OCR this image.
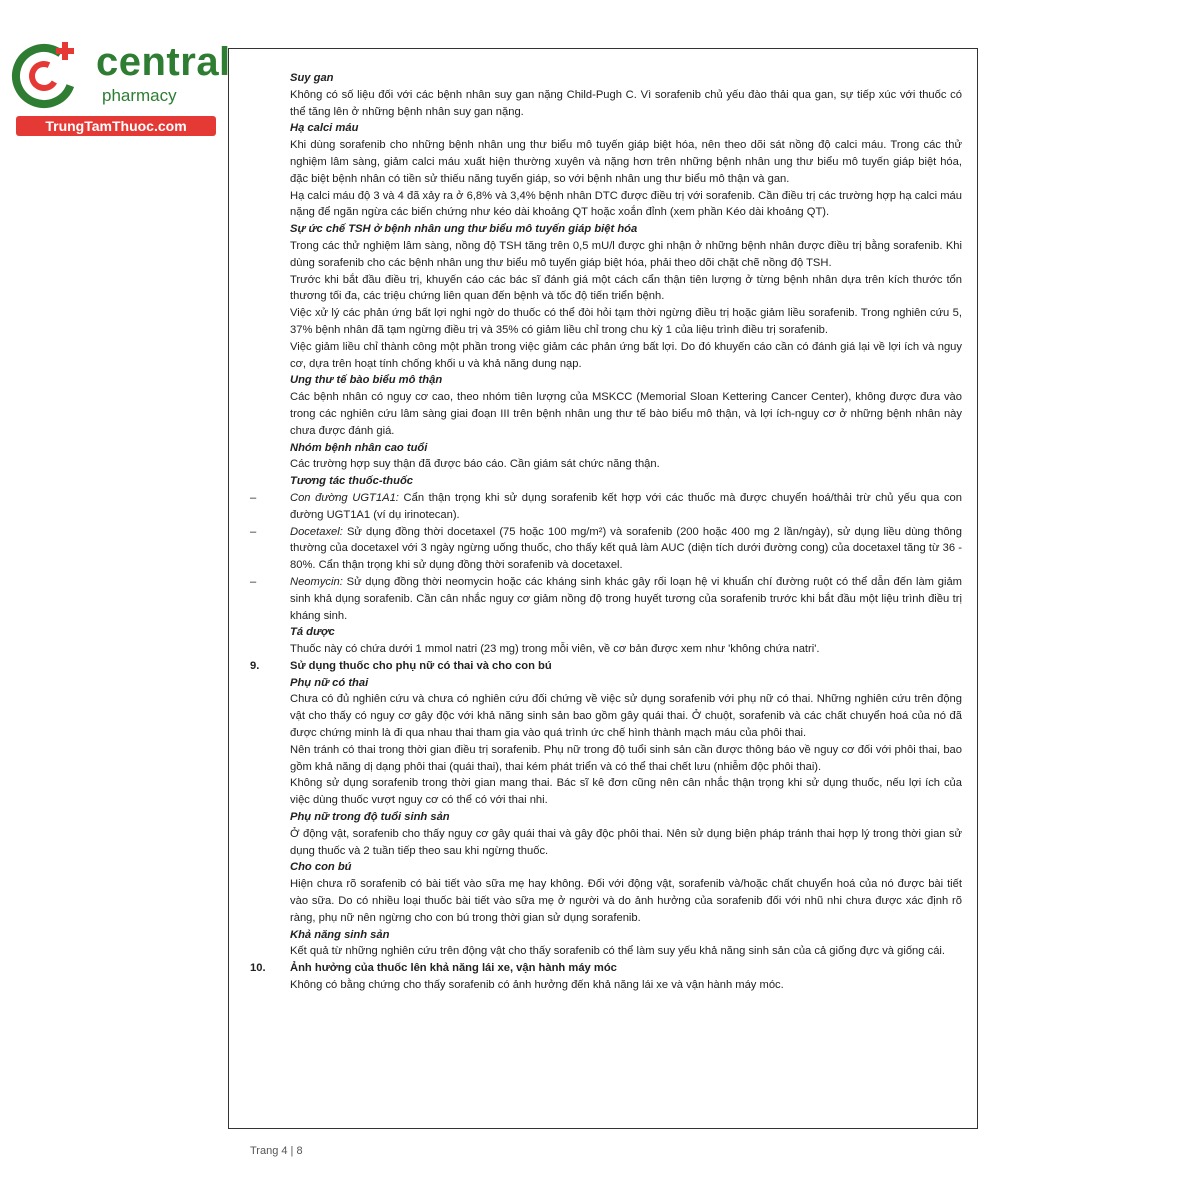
central
pharmacy
TrungTamThuoc.com

Suy gan

Không có số liệu đối với các bệnh nhân suy gan nặng Child-Pugh C. Vì sorafenib chủ yếu đào thải qua gan, sự tiếp xúc với thuốc có thể tăng lên ở những bệnh nhân suy gan nặng.

Hạ calci máu

Khi dùng sorafenib cho những bệnh nhân ung thư biểu mô tuyến giáp biệt hóa, nên theo dõi sát nồng độ calci máu. Trong các thử nghiệm lâm sàng, giảm calci máu xuất hiện thường xuyên và nặng hơn trên những bệnh nhân ung thư biểu mô tuyến giáp biệt hóa, đặc biệt bệnh nhân có tiền sử thiếu năng tuyến giáp, so với bệnh nhân ung thư biểu mô thận và gan.

Hạ calci máu độ 3 và 4 đã xảy ra ở 6,8% và 3,4% bệnh nhân DTC được điều trị với sorafenib. Cần điều trị các trường hợp hạ calci máu nặng để ngăn ngừa các biến chứng như kéo dài khoảng QT hoặc xoắn đỉnh (xem phần Kéo dài khoảng QT).

Sự ức chế TSH ở bệnh nhân ung thư biểu mô tuyến giáp biệt hóa

Trong các thử nghiệm lâm sàng, nồng độ TSH tăng trên 0,5 mU/l được ghi nhận ở những bệnh nhân được điều trị bằng sorafenib. Khi dùng sorafenib cho các bệnh nhân ung thư biểu mô tuyến giáp biệt hóa, phải theo dõi chặt chẽ nồng độ TSH.

Trước khi bắt đầu điều trị, khuyến cáo các bác sĩ đánh giá một cách cẩn thận tiên lượng ở từng bệnh nhân dựa trên kích thước tổn thương tối đa, các triệu chứng liên quan đến bệnh và tốc độ tiến triển bệnh.

Việc xử lý các phản ứng bất lợi nghi ngờ do thuốc có thể đòi hỏi tạm thời ngừng điều trị hoặc giảm liều sorafenib. Trong nghiên cứu 5, 37% bệnh nhân đã tạm ngừng điều trị và 35% có giảm liều chỉ trong chu kỳ 1 của liệu trình điều trị sorafenib.

Việc giảm liều chỉ thành công một phần trong việc giảm các phản ứng bất lợi. Do đó khuyến cáo cần có đánh giá lại về lợi ích và nguy cơ, dựa trên hoạt tính chống khối u và khả năng dung nạp.

Ung thư tế bào biểu mô thận

Các bệnh nhân có nguy cơ cao, theo nhóm tiên lượng của MSKCC (Memorial Sloan Kettering Cancer Center), không được đưa vào trong các nghiên cứu lâm sàng giai đoạn III trên bệnh nhân ung thư tế bào biểu mô thận, và lợi ích-nguy cơ ở những bệnh nhân này chưa được đánh giá.

Nhóm bệnh nhân cao tuổi

Các trường hợp suy thận đã được báo cáo. Cần giám sát chức năng thận.

Tương tác thuốc-thuốc

–	Con đường UGT1A1: Cẩn thận trọng khi sử dụng sorafenib kết hợp với các thuốc mà được chuyển hoá/thải trừ chủ yếu qua con đường UGT1A1 (ví dụ irinotecan).

–	Docetaxel: Sử dụng đồng thời docetaxel (75 hoặc 100 mg/m²) và sorafenib (200 hoặc 400 mg 2 lần/ngày), sử dụng liều dùng thông thường của docetaxel với 3 ngày ngừng uống thuốc, cho thấy kết quả làm AUC (diện tích dưới đường cong) của docetaxel tăng từ 36 - 80%. Cẩn thận trọng khi sử dụng đồng thời sorafenib và docetaxel.

–	Neomycin: Sử dụng đồng thời neomycin hoặc các kháng sinh khác gây rối loạn hệ vi khuẩn chí đường ruột có thể dẫn đến làm giảm sinh khả dụng sorafenib. Cần cân nhắc nguy cơ giảm nồng độ trong huyết tương của sorafenib trước khi bắt đầu một liệu trình điều trị kháng sinh.

Tá dược

Thuốc này có chứa dưới 1 mmol natri (23 mg) trong mỗi viên, về cơ bản được xem như 'không chứa natri'.

9.	Sử dụng thuốc cho phụ nữ có thai và cho con bú

Phụ nữ có thai

Chưa có đủ nghiên cứu và chưa có nghiên cứu đối chứng về việc sử dụng sorafenib với phụ nữ có thai. Những nghiên cứu trên động vật cho thấy có nguy cơ gây độc với khả năng sinh sản bao gồm gây quái thai. Ở chuột, sorafenib và các chất chuyển hoá của nó đã được chứng minh là đi qua nhau thai tham gia vào quá trình ức chế hình thành mạch máu của phôi thai.

Nên tránh có thai trong thời gian điều trị sorafenib. Phụ nữ trong độ tuổi sinh sản cần được thông báo về nguy cơ đối với phôi thai, bao gồm khả năng dị dạng phôi thai (quái thai), thai kém phát triển và có thể thai chết lưu (nhiễm độc phôi thai).

Không sử dụng sorafenib trong thời gian mang thai. Bác sĩ kê đơn cũng nên cân nhắc thận trọng khi sử dụng thuốc, nếu lợi ích của việc dùng thuốc vượt nguy cơ có thể có với thai nhi.

Phụ nữ trong độ tuổi sinh sản

Ở động vật, sorafenib cho thấy nguy cơ gây quái thai và gây độc phôi thai. Nên sử dụng biện pháp tránh thai hợp lý trong thời gian sử dụng thuốc và 2 tuần tiếp theo sau khi ngừng thuốc.

Cho con bú

Hiện chưa rõ sorafenib có bài tiết vào sữa mẹ hay không. Đối với động vật, sorafenib và/hoặc chất chuyển hoá của nó được bài tiết vào sữa. Do có nhiều loại thuốc bài tiết vào sữa mẹ ở người và do ảnh hưởng của sorafenib đối với nhũ nhi chưa được xác định rõ ràng, phụ nữ nên ngừng cho con bú trong thời gian sử dụng sorafenib.

Khả năng sinh sản

Kết quả từ những nghiên cứu trên động vật cho thấy sorafenib có thể làm suy yếu khả năng sinh sản của cả giống đực và giống cái.

10. Ảnh hưởng của thuốc lên khả năng lái xe, vận hành máy móc

Không có bằng chứng cho thấy sorafenib có ảnh hưởng đến khả năng lái xe và vận hành máy móc.

Trang 4 | 8
